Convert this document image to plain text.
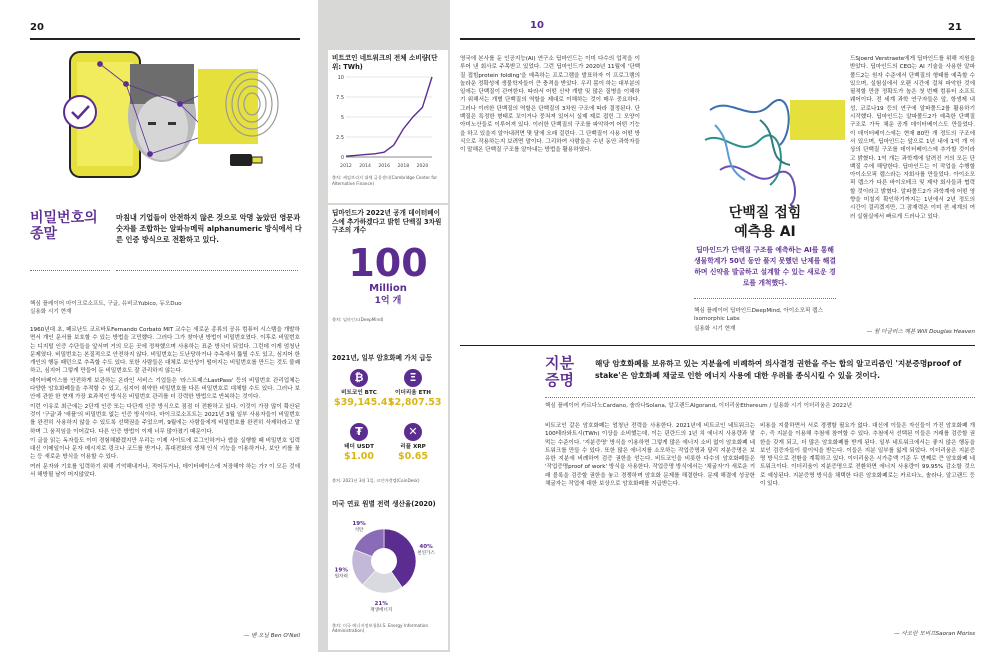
20
비밀번호의 종말
마침내 기업들이 안전하지 않은 것으로 악명 높았던 영문과 숫자를 조합하는 알파뉴메릭 alphanumeric 방식에서 다른 인증 방식으로 전환하고 있다.
핵심 플레이어 마이크로소프트, 구글, 유비코Yubico, 듀오Duo
실용화 시기 현재

1960년대 초, 페르난도 코르바토Fernando Corbató MIT 교수는 새로운 종류의 공유 컴퓨터 시스템을 개발하면서 개인 문서를 보호할 수 있는 방법을 고민했다. 그러다 그가 찾아낸 방법이 비밀번호였다. 이후로 비밀번호는 디지털 인증 수단들을 앞서며 거의 모든 곳에 정착했으며 사용하는 표준 방식이 되었다. 그런데 이게 엄청난 문제였다. 비밀번호는 본질적으로 안전하지 않다. 비밀번호는 도난당하거나 추측에서 뚫릴 수도 있고, 심지어 한 개인의 행동 패턴으로 추측할 수도 있다. 또한 사람들은 대체로 보안성이 떨어지는 비밀번호를 만드는 것도 불쾌하고, 심지어 그렇게 만들어 둔 비밀번호도 잘 관리하지 않는다.

데이터베이스를 안전하게 보관하는 온라인 서비스 기업들은 '라스트패스LastPass' 등의 비밀번호 관리업체는 다양한 암호화폐들을 추적할 수 있고, 심지어 취약한 비밀번호를 다른 비밀번호로 대체할 수도 있다. 그러나 보안에 관한 한 현재 가장 효과적인 방식은 비밀번호 관리를 더 강력한 방법으로 반복하는 것이다.

이런 이유로 최근에는 2단계 인증 또는 다단계 인증 방식으로 점점 더 전환하고 있다. 이것이 가장 많이 확산된 것이 '구글'과 '애플'의 비밀번호 없는 인증 방식이다. 마이크로소프트는 2021년 3월 일부 사용자들이 비밀번호를 완전히 사용하지 않을 수 있도록 선택권을 주었으며, 9월에는 사람들에게 비밀번호를 완전히 삭제하라고 말하며 그 움직임을 이어갔다. 다른 인증 방법이 이제 너무 많아졌기 때문이다.

이 글을 읽는 독자들도 이미 경험해봤겠지만 우리는 이제 사이트에 로그인하거나 앱을 실행할 때 비밀번호 입력 대신 이메일이나 문자 메시지로 링크나 코드를 받거나, 휴대전화의 생체 인식 기능을 이용하거나, 보안 키를 꽂는 등 새로운 방식을 이용할 수 있다.

여러 문자와 기호를 입력하기 위해 기억해내거나, 적어두거나, 데이터베이스에 저장해야 하는 가? 이 모든 것에서 해방될 날이 머지않았다.

— 벤 오닐 Ben O'Neil
비트코인 네트워크의 전체 소비량(단위: TWh)
0
2.5
5
7.5
10
2012 2014 2016 2018 2020
출처: 케임브리지 대체 금융센터(Cambridge Center for Alternative Finance)
딥마인드가 2022년 공개 데이터베이스에 추가하겠다고 밝힌 단백질 3차원 구조의 개수
100
Million
1억 개
출처: 딥마인드(DeepMind)
2021년, 일부 암호화폐 가치 급등
₿
비트코인 BTC
$39,145.41
Ξ
이더리움 ETH
$2,807.53
₮
테더 USDT
$1.00
✕
리플 XRP
$0.65
출처: 2021년 3월 1일, 코인마켓캡(CoinDesk)
미국 연료 원별 전력 생산율(2020)
40%
천연가스
21%
재생에너지
19%
원자력
19%
석탄
출처: 미국 에너지정보청(U.S. Energy Information Administration)
10	21
영국에 본사를 둔 인공지능(AI) 연구소 딥마인드는 이미 다수의 업적을 이루어 낸 회사로 주목받고 있었다. 그런 딥마인드가 2020년 11월에 '단백질 접힘protein folding'을 예측하는 프로그램을 발표하자 이 프로그램의 놀라운 정확성에 생물학자들이 큰 충격을 받았다. 우리 몸이 하는 대부분의 일에는 단백질이 관여한다. 따라서 어떤 신약 개발 및 많은 질병을 이해하기 위해서는 개별 단백질의 역할을 제대로 이해하는 것이 매우 중요하다. 그러나 이러한 단백질의 역할은 단백질의 3차원 구조에 따라 결정된다. 단백질은 특정한 형태로 꼬이거나 뭉쳐져 있어서 실제 제로 접힌 그 모양이 아미노산들로 이루어져 있다. 이러한 단백질의 구조를 파악하여 어떤 기능을 하고 있을지 알아내려면 몇 달에 오래 걸린다. 그 단백질이 사용 어떤 방식으로 작용하는지 보려면 말이다. 그리하여 사람들은 수년 동안 과학자들이 말해온 단백질 구조를 알아내는 방법을 활용하였다.
단백질 접힘
예측용 AI
딥마인드가 단백질 구조를 예측하는 AI를 통해 생물학계가 50년 동안 풀지 못했던 난제를 해결하며 신약을 발굴하고 설계할 수 있는 새로운 경로를 개척했다.
핵심 플레이어 딥마인드DeepMind, 아이소모픽 랩스Isomorphic Labs
실용화 시기 현재
드Sjoerd Verstraete에게 딥마인드를 위해 지원을 받았다. 딥마인드의 CEO는 AI 기술을 사용한 알파폴드2는 원자 수준에서 단백질의 형태를 예측할 수 있으며, 실험실에서 오랜 시간에 걸쳐 파악한 것에 필적할 만큼 정확도가 높은 첫 번째 컴퓨터 소프트웨어이다. 전 세계 과학 연구자들은 앞, 항생제 내성, 코로나19 등의 연구에 알파폴드2를 활용하기 시작했다. 딥마인드는 알파폴드2가 예측한 단백질 구조로 가득 채운 공개 데이터베이스도 만들었다. 이 데이터베이스에는 현재 80만 개 정도의 구조에서 있으며, 딥마인드는 앞으로 1년 내에 1억 개 이상의 단백질 구조를 데이터베이스에 추가할 것이라고 밝혔다. 1억 개는 과학계에 알려진 거의 모든 단백질 수에 해당한다. 딥마인드는 이 작업을 수행할 아이소모픽 랩스라는 자회사를 만들었다. 아이소모픽 랩스가 다른 바이오테크 및 제약 회사들과 협력할 것이라고 밝혔다. 알파폴드2가 과학계에 어떤 영향을 미칠지 확인하기까지는 1년에서 2년 정도의 시간이 걸리겠지만, 그 잠재력은 이미 전 세계의 여러 실험실에서 빠르게 드러나고 있다.
— 윌 더글러스 헤븐 Will Douglas Heaven
지분 증명
해당 암호화폐를 보유하고 있는 지분율에 비례하여 의사결정 권한을 주는 합의 알고리즘인 '지분증명proof of stake'은 암호화폐 채굴로 인한 에너지 사용에 대한 우려를 종식시킬 수 있을 것이다.
핵심 플레이어 카르다노Cardano, 솔라나Solana, 알고랜드Algorand, 이더리움Ethereum / 실용화 시기 이더리움은 2022년
비트코인 같은 암호화폐는 엄청난 전력을 사용한다. 2021년에 비트코인 네트워크는 100테라와트시(TWh) 이상을 소비했는데, 이는 핀란드의 1년 치 에너지 사용량과 맞먹는 수준이다. '지분증명' 방식을 이용하면 그렇게 많은 에너지 소비 없이 암호화폐 네트워크를 만들 수 있다. 또한 많은 에너지를 소모하는 작업증명과 달리 지분증명은 보유한 지분에 비례하여 검증 권한을 얻는다. 비트코인을 비롯한 다수의 암호화폐들은 '작업증명proof of work' 방식을 사용한다. 작업증명 방식에서는 '채굴자'가 새로운 거래 블록을 검증할 권한을 놓고 경쟁하며 암호화 문제를 해결한다. 문제 해결에 성공한 채굴자는 작업에 대한 보상으로 암호화폐를 지급받는다.
비용을 지불하면서 서로 경쟁할 필요가 없다. 대신에 이들은 자신들이 가진 암호화폐 개수, 즉 지분을 이용해 추첨에 참여할 수 있다. 추첨에서 선택된 이들은 거래를 검증할 권한을 갖게 되고, 더 많은 암호화폐를 받게 된다. 일부 네트워크에서는 좋지 않은 행동을 보인 검증자들이 불이익을 받는다. 이들은 지분 일부를 잃게 되었다. 이더리움은 지분증명 방식으로 전환을 계획하고 있다. 이더리움은 시가총액 기준 두 번째로 큰 암호화폐 네트워크이다. 이더리움이 지분증명으로 전환하면 에너지 사용량이 99.95% 감소할 것으로 예상된다. 지분증명 방식을 채택한 다른 암호화폐로는 카르다노, 솔라나, 알고랜드 등이 있다.
— 사오란 모비프Saoran Moriss
